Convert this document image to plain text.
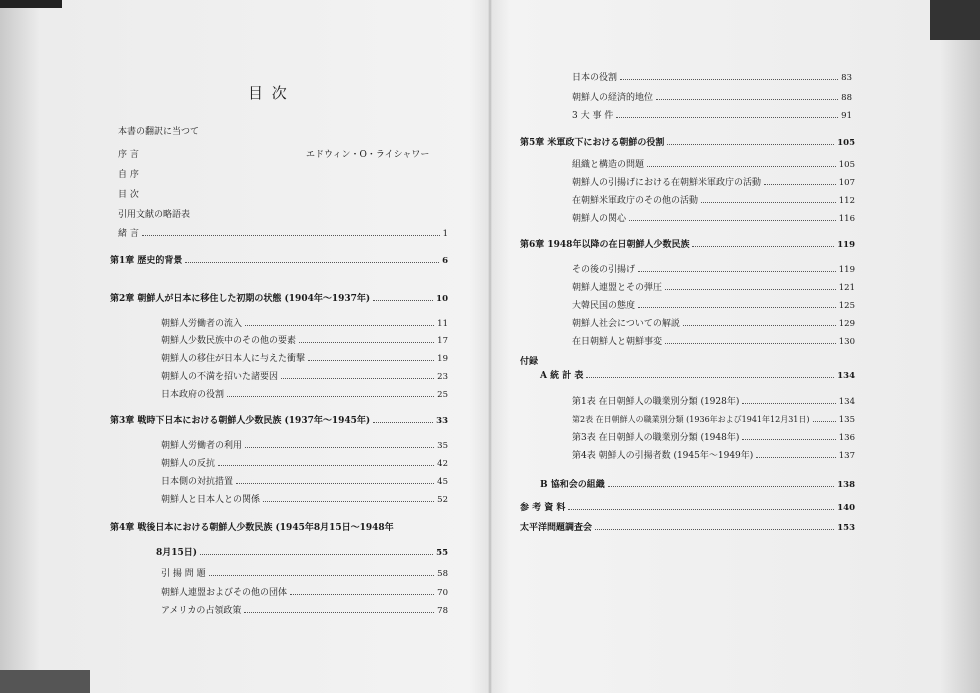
目 次
本書の翻訳に当つて
序 言	エドウィン・O・ライシャワー
自 序
目 次
引用文献の略語表
緒 言	1
第1章 歴史的背景	6
第2章 朝鮮人が日本に移住した初期の状態 (1904年〜1937年)	10
朝鮮人労働者の流入	11
朝鮮人少数民族中のその他の要素	17
朝鮮人の移住が日本人に与えた衝撃	19
朝鮮人の不満を招いた諸要因	23
日本政府の役割	25
第3章 戦時下日本における朝鮮人少数民族 (1937年〜1945年)	33
朝鮮人労働者の利用	35
朝鮮人の反抗	42
日本側の対抗措置	45
朝鮮人と日本人との関係	52
第4章 戦後日本における朝鮮人少数民族 (1945年8月15日〜1948年
8月15日)	55
引 揚 問 題	58
朝鮮人連盟およびその他の団体	70
アメリカの占領政策	78
日本の役割	83
朝鮮人の経済的地位	88
3 大 事 件	91
第5章 米軍政下における朝鮮の役割	105
組織と構造の問題	105
朝鮮人の引揚げにおける在朝鮮米軍政庁の活動	107
在朝鮮米軍政庁のその他の活動	112
朝鮮人の関心	116
第6章 1948年以降の在日朝鮮人少数民族	119
その後の引揚げ	119
朝鮮人連盟とその弾圧	121
大韓民国の態度	125
朝鮮人社会についての解説	129
在日朝鮮人と朝鮮事変	130
付録
A 統 計 表	134
第1表 在日朝鮮人の職業別分類 (1928年)	134
第2表 在日朝鮮人の職業別分類 (1936年および1941年12月31日)	135
第3表 在日朝鮮人の職業別分類 (1948年)	136
第4表 朝鮮人の引揚者数 (1945年〜1949年)	137
B 協和会の組織	138
参 考 資 料	140
太平洋問題調査会	153
